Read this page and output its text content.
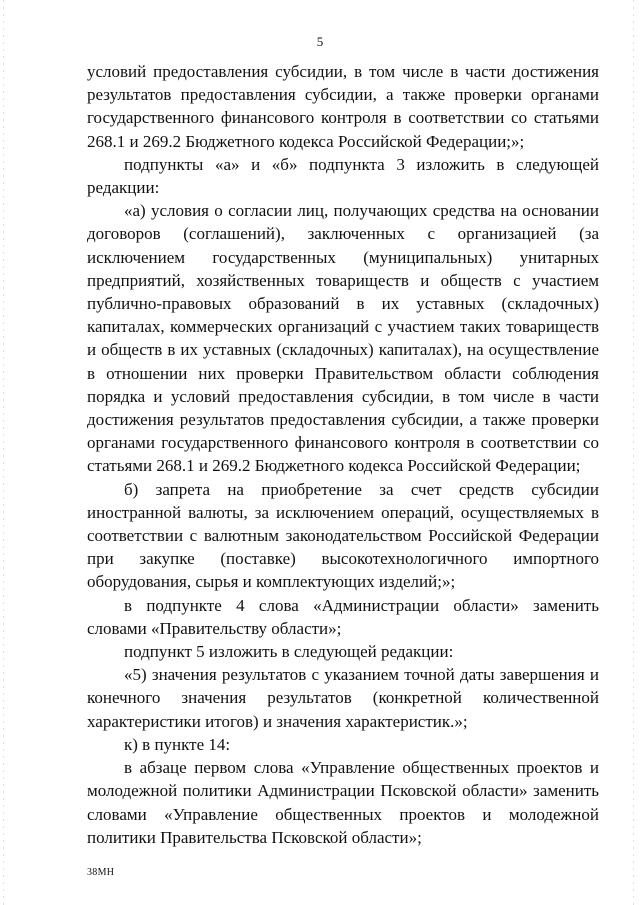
5

условий предоставления субсидии, в том числе в части достижения результатов предоставления субсидии, а также проверки органами государственного финансового контроля в соответствии со статьями 268.1 и 269.2 Бюджетного кодекса Российской Федерации;»;

подпункты «а» и «б» подпункта 3 изложить в следующей редакции:

«а) условия о согласии лиц, получающих средства на основании договоров (соглашений), заключенных с организацией (за исключением государственных (муниципальных) унитарных предприятий, хозяйственных товариществ и обществ с участием публично-правовых образований в их уставных (складочных) капиталах, коммерческих организаций с участием таких товариществ и обществ в их уставных (складочных) капиталах), на осуществление в отношении них проверки Правительством области соблюдения порядка и условий предоставления субсидии, в том числе в части достижения результатов предоставления субсидии, а также проверки органами государственного финансового контроля в соответствии со статьями 268.1 и 269.2 Бюджетного кодекса Российской Федерации;

б) запрета на приобретение за счет средств субсидии иностранной валюты, за исключением операций, осуществляемых в соответствии с валютным законодательством Российской Федерации при закупке (поставке) высокотехнологичного импортного оборудования, сырья и комплектующих изделий;»;

в подпункте 4 слова «Администрации области» заменить словами «Правительству области»;

подпункт 5 изложить в следующей редакции:

«5) значения результатов с указанием точной даты завершения и конечного значения результатов (конкретной количественной характеристики итогов) и значения характеристик.»;

к) в пункте 14:

в абзаце первом слова «Управление общественных проектов и молодежной политики Администрации Псковской области» заменить словами «Управление общественных проектов и молодежной политики Правительства Псковской области»;

38МН
